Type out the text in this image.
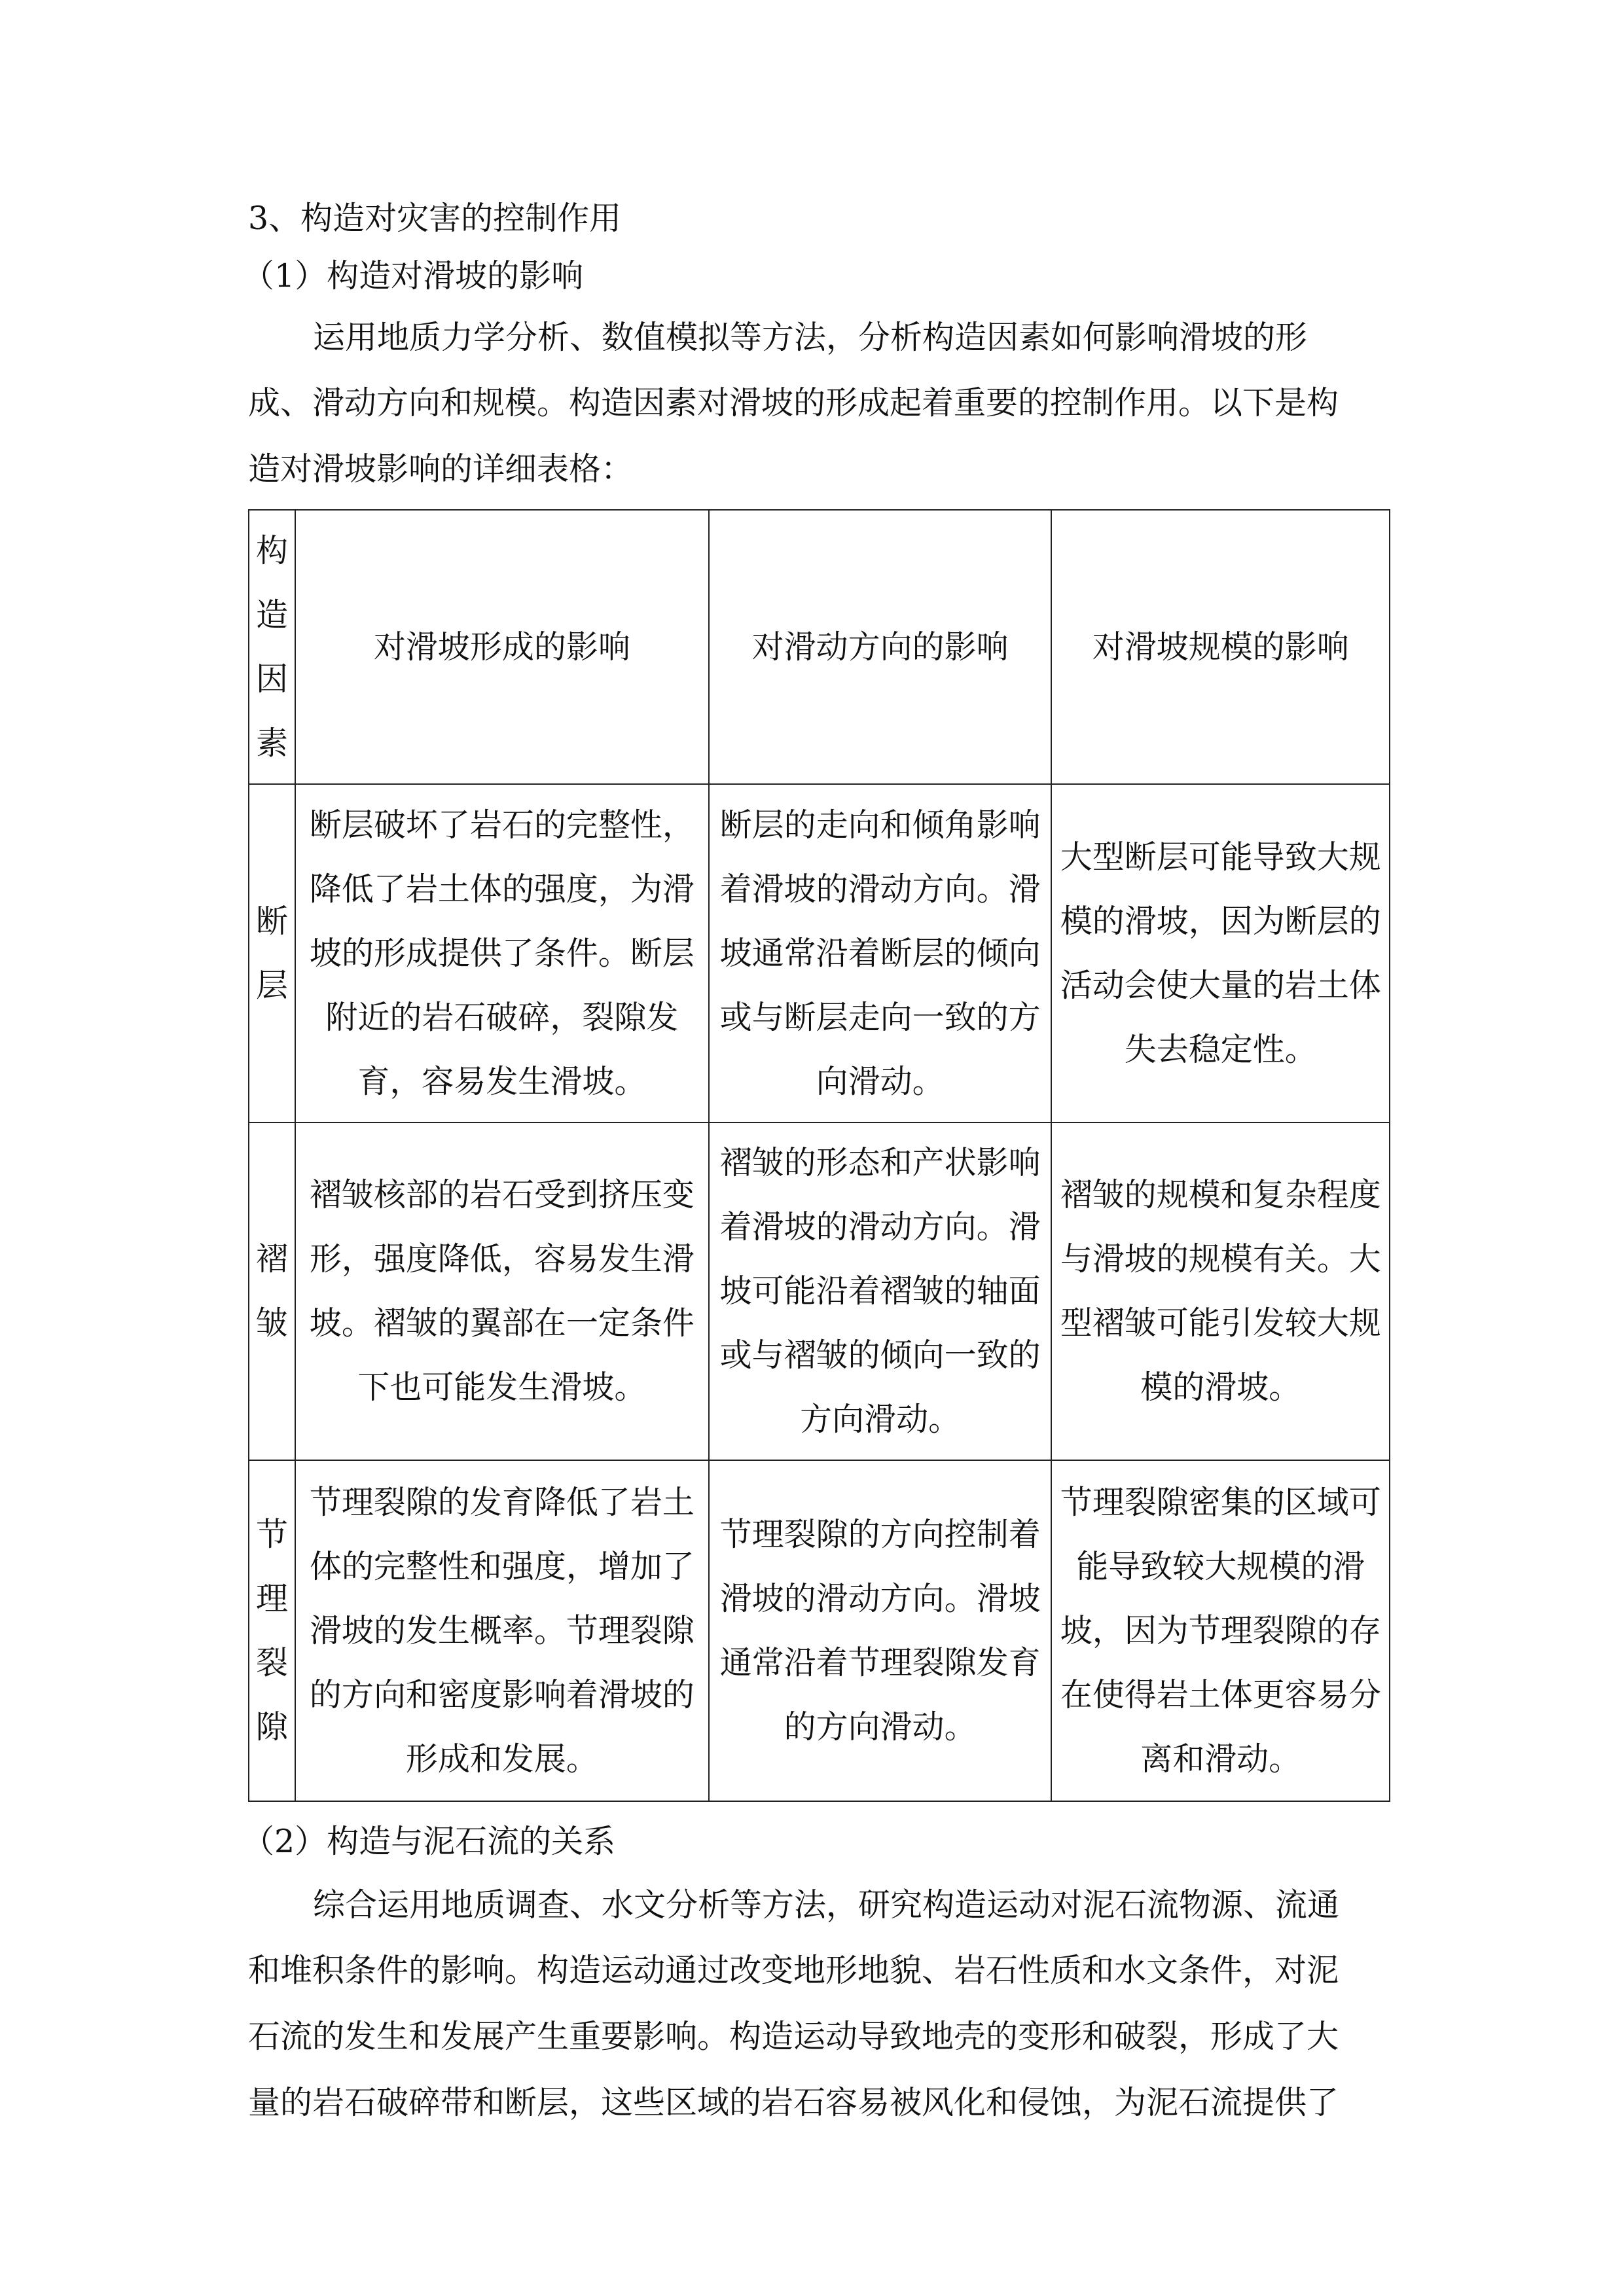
3、构造对灾害的控制作用
（1）构造对滑坡的影响
运用地质力学分析、数值模拟等方法，分析构造因素如何影响滑坡的形
成、滑动方向和规模。构造因素对滑坡的形成起着重要的控制作用。以下是构
造对滑坡影响的详细表格：
构
造
因
素	对滑坡形成的影响	对滑动方向的影响	对滑坡规模的影响

断
层	断层破坏了岩石的完整性，
降低了岩土体的强度，为滑
坡的形成提供了条件。断层
附近的岩石破碎，裂隙发
育，容易发生滑坡。	断层的走向和倾角影响
着滑坡的滑动方向。滑
坡通常沿着断层的倾向
或与断层走向一致的方
向滑动。	大型断层可能导致大规
模的滑坡，因为断层的
活动会使大量的岩土体
失去稳定性。

褶
皱	褶皱核部的岩石受到挤压变
形，强度降低，容易发生滑
坡。褶皱的翼部在一定条件
下也可能发生滑坡。	褶皱的形态和产状影响
着滑坡的滑动方向。滑
坡可能沿着褶皱的轴面
或与褶皱的倾向一致的
方向滑动。	褶皱的规模和复杂程度
与滑坡的规模有关。大
型褶皱可能引发较大规
模的滑坡。

节
理
裂
隙	节理裂隙的发育降低了岩土
体的完整性和强度，增加了
滑坡的发生概率。节理裂隙
的方向和密度影响着滑坡的
形成和发展。	节理裂隙的方向控制着
滑坡的滑动方向。滑坡
通常沿着节理裂隙发育
的方向滑动。	节理裂隙密集的区域可
能导致较大规模的滑
坡，因为节理裂隙的存
在使得岩土体更容易分
离和滑动。
（2）构造与泥石流的关系
综合运用地质调查、水文分析等方法，研究构造运动对泥石流物源、流通
和堆积条件的影响。构造运动通过改变地形地貌、岩石性质和水文条件，对泥
石流的发生和发展产生重要影响。构造运动导致地壳的变形和破裂，形成了大
量的岩石破碎带和断层，这些区域的岩石容易被风化和侵蚀，为泥石流提供了
